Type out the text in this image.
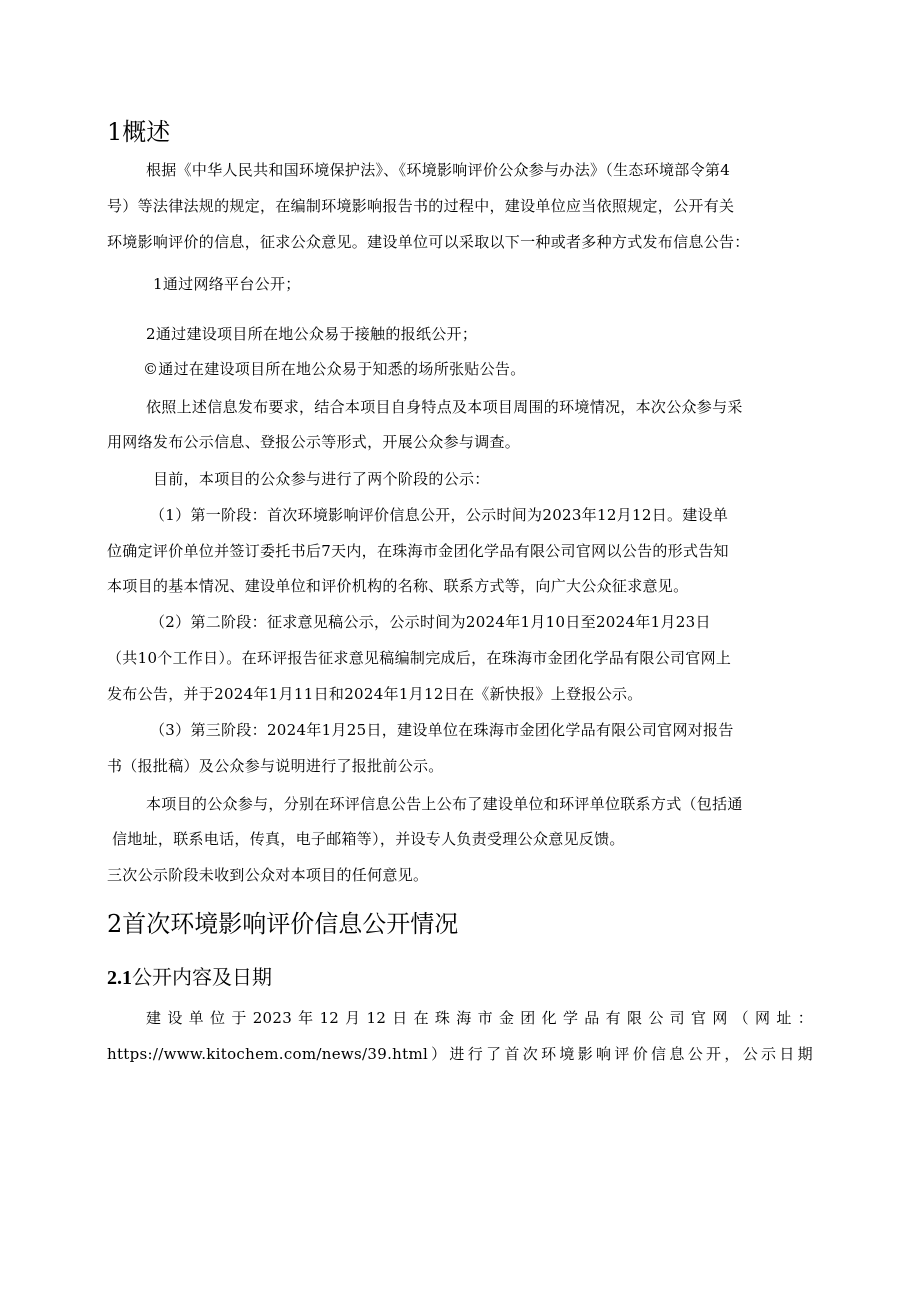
1概述
根据《中华人民共和国环境保护法》、《环境影响评价公众参与办法》（生态环境部令第4
号）等法律法规的规定，在编制环境影响报告书的过程中，建设单位应当依照规定，公开有关
环境影响评价的信息，征求公众意见。建设单位可以采取以下一种或者多种方式发布信息公告：
1通过网络平台公开；
2通过建设项目所在地公众易于接触的报纸公开；
©通过在建设项目所在地公众易于知悉的场所张贴公告。
依照上述信息发布要求，结合本项目自身特点及本项目周围的环境情况，本次公众参与采
用网络发布公示信息、登报公示等形式，开展公众参与调查。
目前，本项目的公众参与进行了两个阶段的公示：
（1）第一阶段：首次环境影响评价信息公开，公示时间为2023年12月12日。建设单
位确定评价单位并签订委托书后7天内，在珠海市金团化学品有限公司官网以公告的形式告知
本项目的基本情况、建设单位和评价机构的名称、联系方式等，向广大公众征求意见。
（2）第二阶段：征求意见稿公示，公示时间为2024年1月10日至2024年1月23日
（共10个工作日）。在环评报告征求意见稿编制完成后，在珠海市金团化学品有限公司官网上
发布公告，并于2024年1月11日和2024年1月12日在《新快报》上登报公示。
（3）第三阶段：2024年1月25日，建设单位在珠海市金团化学品有限公司官网对报告
书（报批稿）及公众参与说明进行了报批前公示。
本项目的公众参与，分别在环评信息公告上公布了建设单位和环评单位联系方式（包括通
信地址，联系电话，传真，电子邮箱等），并设专人负责受理公众意见反馈。
三次公示阶段未收到公众对本项目的任何意见。
2首次环境影响评价信息公开情况
2.1公开内容及日期
建设单位于2023年12月12日在珠海市金团化学品有限公司官网（网址：
https://www.kitochem.com/news/39.html）进行了首次环境影响评价信息公开，公示日期
